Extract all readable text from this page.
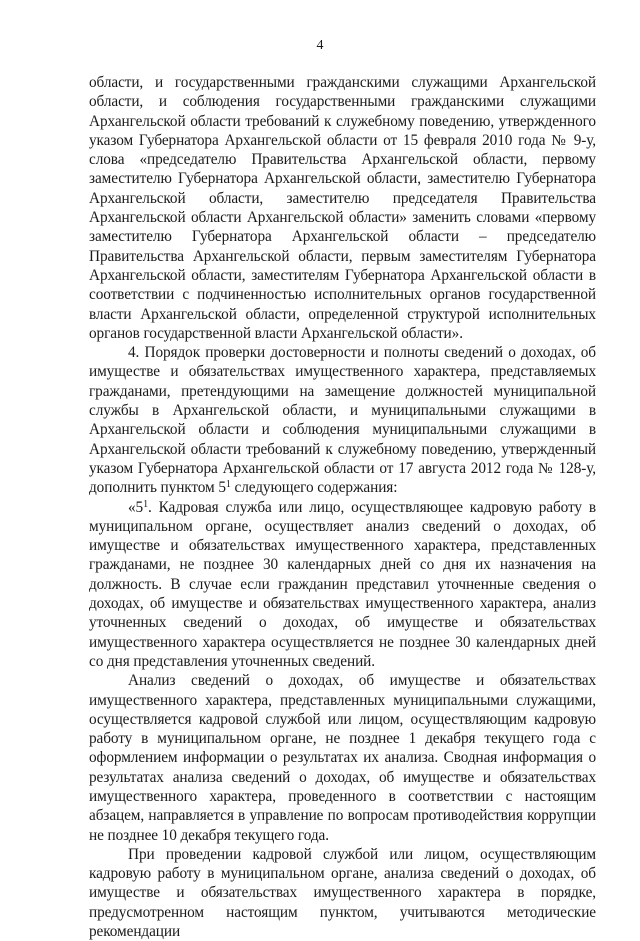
4

области, и государственными гражданскими служащими Архангельской области, и соблюдения государственными гражданскими служащими Архангельской области требований к служебному поведению, утвержденного указом Губернатора Архангельской области от 15 февраля 2010 года № 9-у, слова «председателю Правительства Архангельской области, первому заместителю Губернатора Архангельской области, заместителю Губернатора Архангельской области, заместителю председателя Правительства Архангельской области Архангельской области» заменить словами «первому заместителю Губернатора Архангельской области – председателю Правительства Архангельской области, первым заместителям Губернатора Архангельской области, заместителям Губернатора Архангельской области в соответствии с подчиненностью исполнительных органов государственной власти Архангельской области, определенной структурой исполнительных органов государственной власти Архангельской области».

4. Порядок проверки достоверности и полноты сведений о доходах, об имуществе и обязательствах имущественного характера, представляемых гражданами, претендующими на замещение должностей муниципальной службы в Архангельской области, и муниципальными служащими в Архангельской области и соблюдения муниципальными служащими в Архангельской области требований к служебному поведению, утвержденный указом Губернатора Архангельской области от 17 августа 2012 года № 128-у, дополнить пунктом $5^1$ следующего содержания:

«$5^1$. Кадровая служба или лицо, осуществляющее кадровую работу в муниципальном органе, осуществляет анализ сведений о доходах, об имуществе и обязательствах имущественного характера, представленных гражданами, не позднее 30 календарных дней со дня их назначения на должность. В случае если гражданин представил уточненные сведения о доходах, об имуществе и обязательствах имущественного характера, анализ уточненных сведений о доходах, об имуществе и обязательствах имущественного характера осуществляется не позднее 30 календарных дней со дня представления уточненных сведений.

Анализ сведений о доходах, об имуществе и обязательствах имущественного характера, представленных муниципальными служащими, осуществляется кадровой службой или лицом, осуществляющим кадровую работу в муниципальном органе, не позднее 1 декабря текущего года с оформлением информации о результатах их анализа. Сводная информация о результатах анализа сведений о доходах, об имуществе и обязательствах имущественного характера, проведенного в соответствии с настоящим абзацем, направляется в управление по вопросам противодействия коррупции не позднее 10 декабря текущего года.

При проведении кадровой службой или лицом, осуществляющим кадровую работу в муниципальном органе, анализа сведений о доходах, об имуществе и обязательствах имущественного характера в порядке, предусмотренном настоящим пунктом, учитываются методические рекомендации
